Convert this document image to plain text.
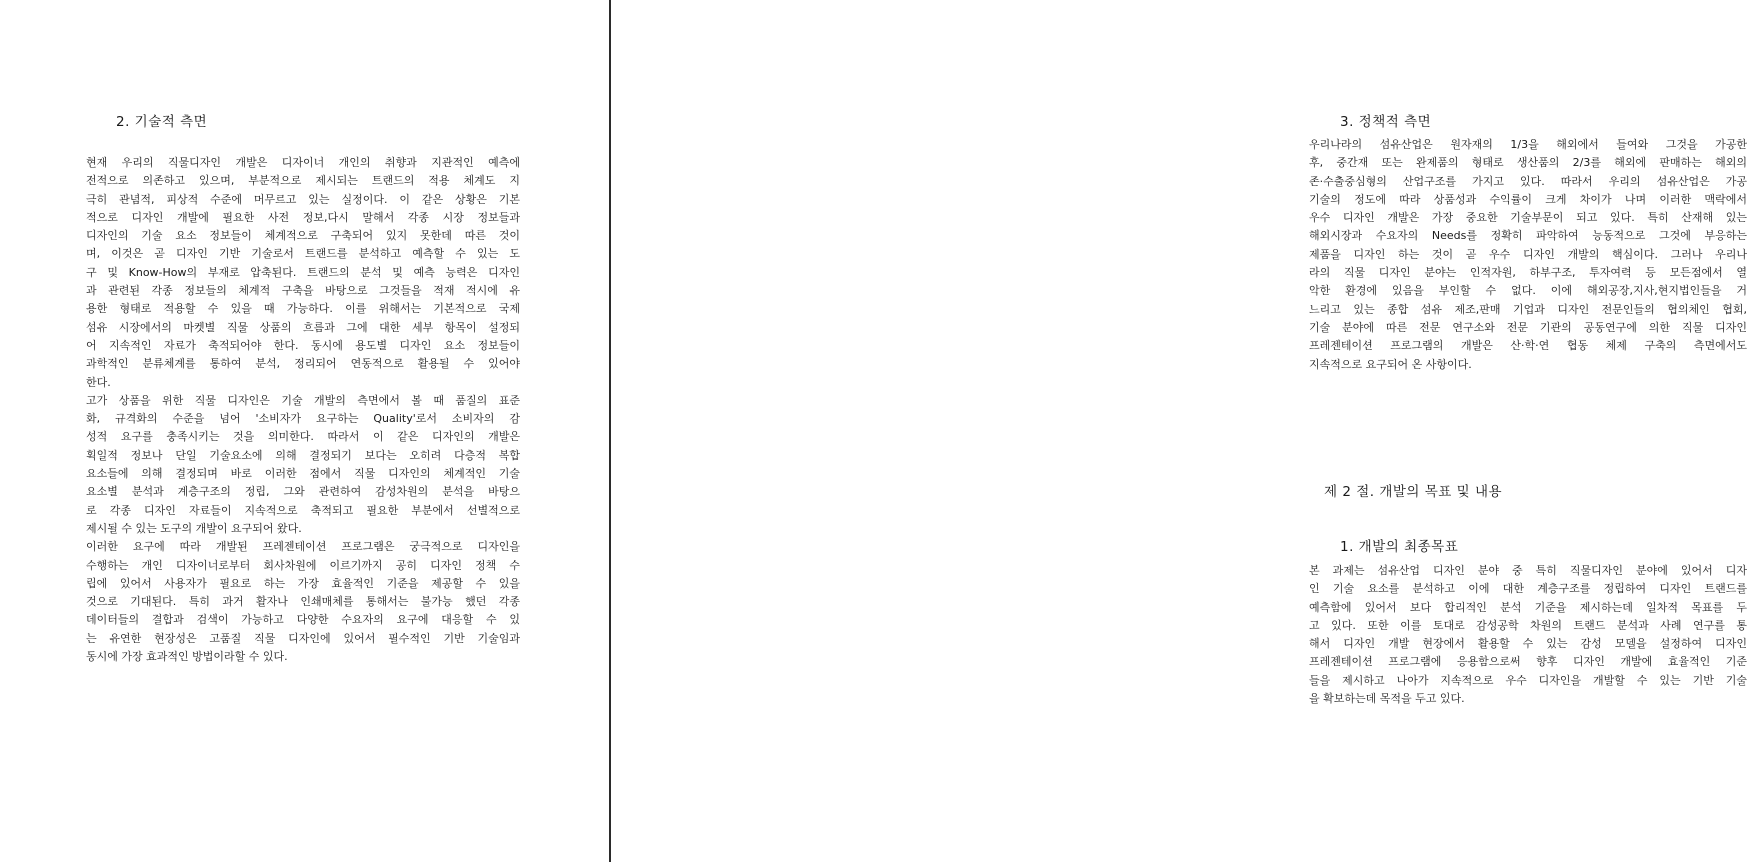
2. 기술적 측면
현재 우리의 직물디자인 개발은 디자이너 개인의 취향과 지관적인 예측에
전적으로 의존하고 있으며, 부분적으로 제시되는 트랜드의 적용 체계도 지
극히 관념적, 피상적 수준에 머무르고 있는 실정이다. 이 같은 상황은 기본
적으로 디자인 개발에 필요한 사전 정보,다시 말해서 각종 시장 정보들과
디자인의 기술 요소 정보들이 체계적으로 구축되어 있지 못한데 따른 것이
며, 이것은 곧 디자인 기반 기술로서 트랜드를 분석하고 예측할 수 있는 도
구 및 Know-How의 부재로 압축된다. 트랜드의 분석 및 예측 능력은 디자인
과 관련된 각종 정보들의 체계적 구축을 바탕으로 그것들을 적재 적시에 유
용한 형태로 적용할 수 있을 때 가능하다. 이를 위해서는 기본적으로 국제
섬유 시장에서의 마켓별 직물 상품의 흐름과 그에 대한 세부 항목이 설정되
어 지속적인 자료가 축적되어야 한다. 동시에 용도별 디자인 요소 정보들이
과학적인 분류체계를 통하여 분석, 정리되어 연동적으로 활용될 수 있어야
한다.
고가 상품을 위한 직물 디자인은 기술 개발의 측면에서 볼 때 품질의 표준
화, 규격화의 수준을 넘어 '소비자가 요구하는 Quality'로서 소비자의 감
성적 요구를 충족시키는 것을 의미한다. 따라서 이 같은 디자인의 개발은
획일적 정보나 단일 기술요소에 의해 결정되기 보다는 오히려 다층적 복합
요소들에 의해 결정되며 바로 이러한 점에서 직물 디자인의 체계적인 기술
요소별 분석과 계층구조의 정립, 그와 관련하여 감성차원의 분석을 바탕으
로 각종 디자인 자료들이 지속적으로 축적되고 필요한 부분에서 선별적으로
제시될 수 있는 도구의 개발이 요구되어 왔다.
이러한 요구에 따라 개발된 프레젠테이션 프로그램은 궁극적으로 디자인을
수행하는 개인 디자이너로부터 회사차원에 이르기까지 공히 디자인 정책 수
립에 있어서 사용자가 필요로 하는 가장 효율적인 기준을 제공할 수 있을
것으로 기대된다. 특히 과거 활자나 인쇄매체를 통해서는 불가능 했던 각종
데이터들의 결합과 검색이 가능하고 다양한 수요자의 요구에 대응할 수 있
는 유연한 현장성은 고품질 직물 디자인에 있어서 필수적인 기반 기술임과
동시에 가장 효과적인 방법이라할 수 있다.
3. 정책적 측면
우리나라의 섬유산업은 원자재의 1/3을 해외에서 들여와 그것을 가공한
후, 중간재 또는 완제품의 형태로 생산품의 2/3를 해외에 판매하는 해외의
존·수출중심형의 산업구조를 가지고 있다. 따라서 우리의 섬유산업은 가공
기술의 정도에 따라 상품성과 수익률이 크게 차이가 나며 이러한 맥락에서
우수 디자인 개발은 가장 중요한 기술부문이 되고 있다. 특히 산재해 있는
해외시장과 수요자의 Needs를 정확히 파악하여 능동적으로 그것에 부응하는
제품을 디자인 하는 것이 곧 우수 디자인 개발의 핵심이다. 그러나 우리나
라의 직물 디자인 분야는 인적자원, 하부구조, 투자여력 등 모든점에서 열
악한 환경에 있음을 부인할 수 없다. 이에 해외공장,지사,현지법인들을 거
느리고 있는 종합 섬유 제조,판매 기업과 디자인 전문인들의 협의체인 협회,
기술 분야에 따른 전문 연구소와 전문 기관의 공동연구에 의한 직물 디자인
프레젠테이션 프로그램의 개발은 산·학·연 협동 체제 구축의 측면에서도
지속적으로 요구되어 온 사항이다.
제 2 절. 개발의 목표 및 내용
1. 개발의 최종목표
본 과제는 섬유산업 디자인 분야 중 특히 직물디자인 분야에 있어서 디자
인 기술 요소를 분석하고 이에 대한 계층구조를 정립하여 디자인 트랜드를
예측함에 있어서 보다 합리적인 분석 기준을 제시하는데 일차적 목표를 두
고 있다. 또한 이를 토대로 감성공학 차원의 트랜드 분석과 사례 연구를 통
해서 디자인 개발 현장에서 활용할 수 있는 감성 모델을 설정하여 디자인
프레젠테이션 프로그램에 응용함으로써 향후 디자인 개발에 효율적인 기준
들을 제시하고 나아가 지속적으로 우수 디자인을 개발할 수 있는 기반 기술
을 확보하는데 목적을 두고 있다.
